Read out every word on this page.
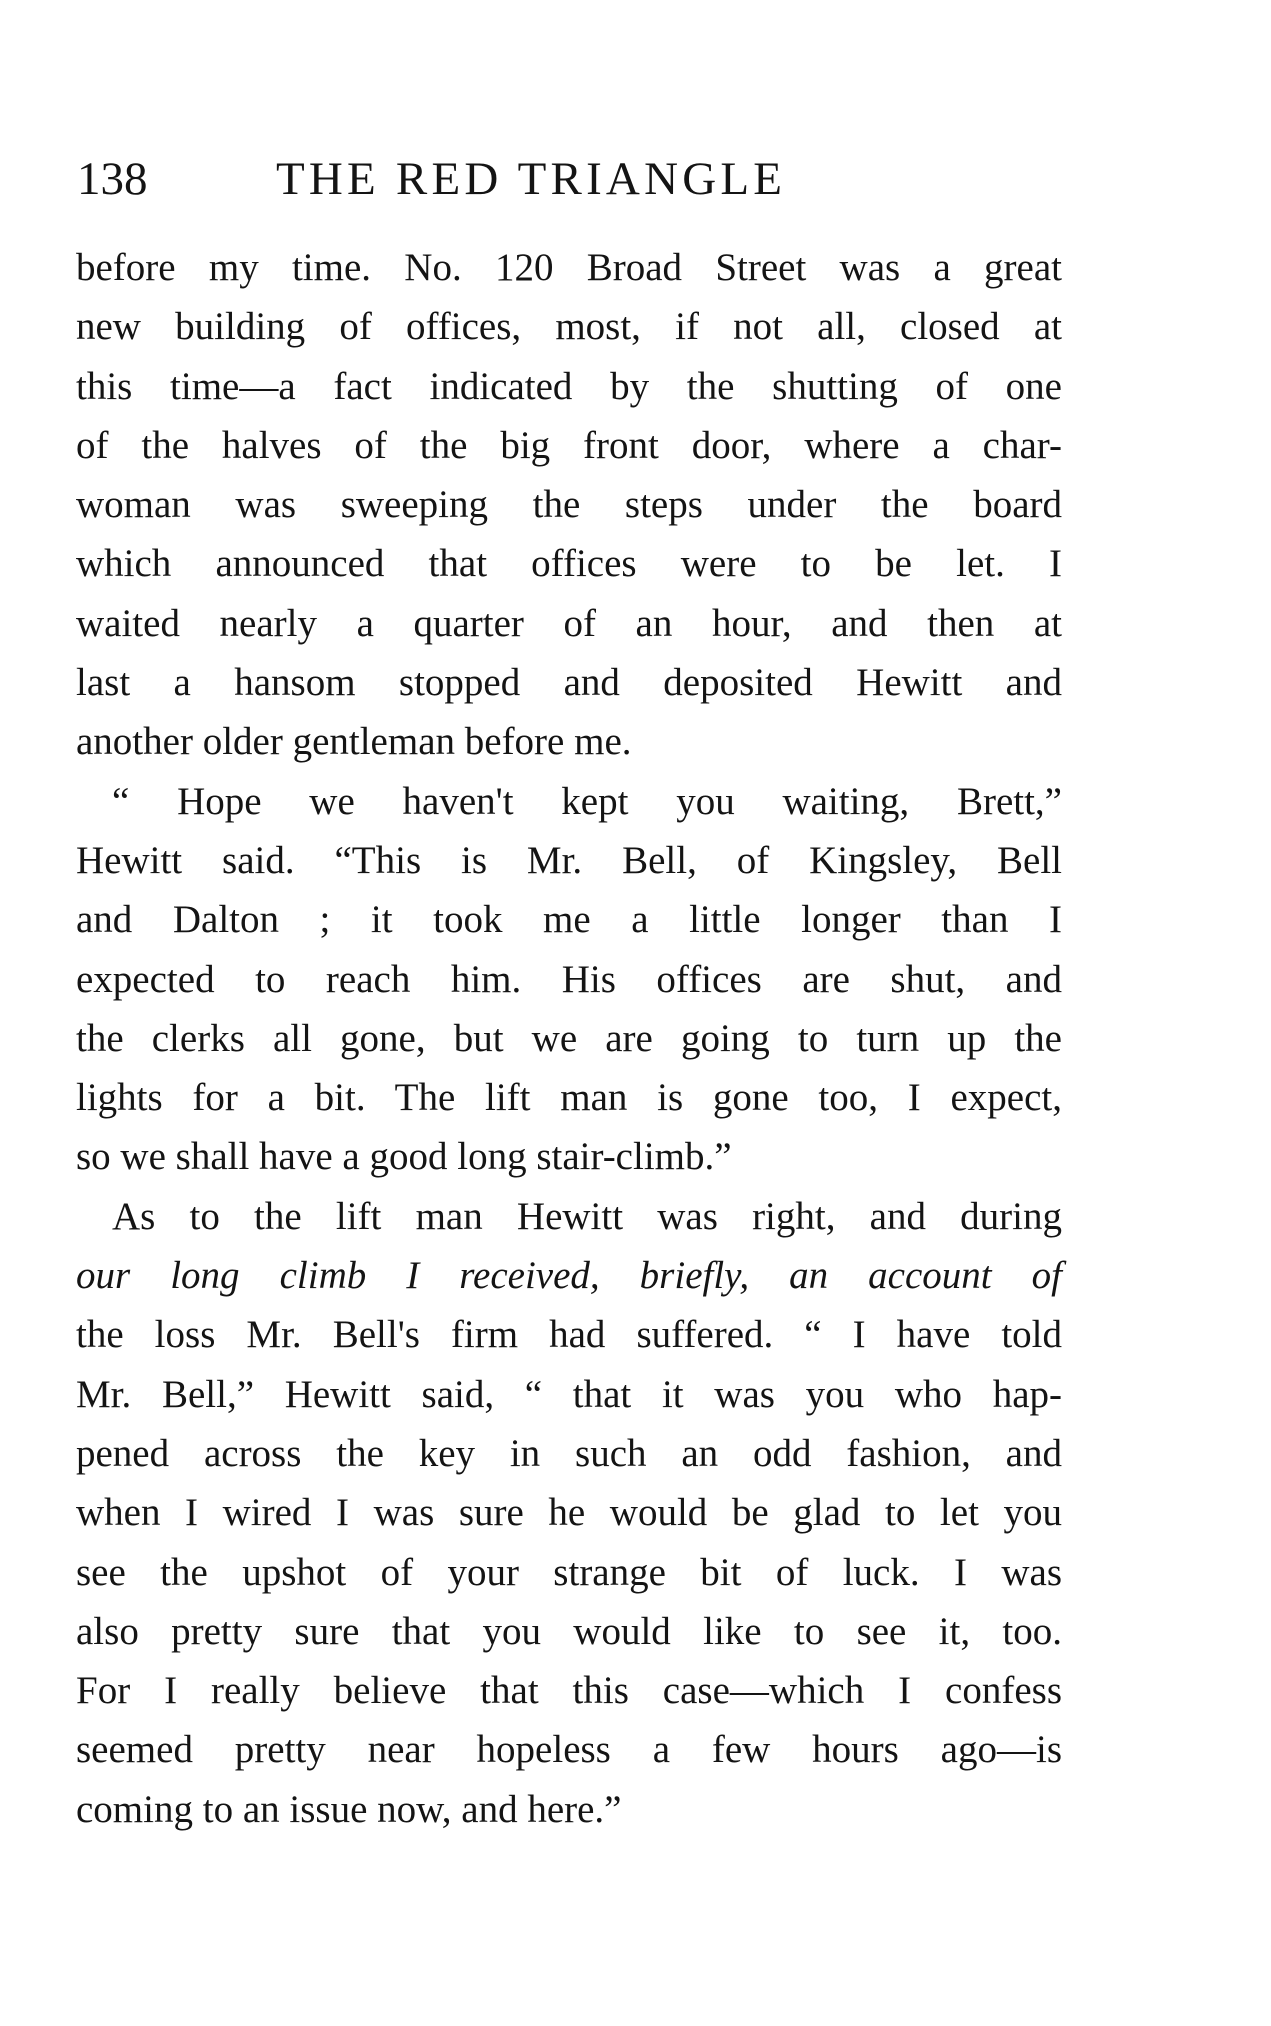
138	THE RED TRIANGLE
before my time. No. 120 Broad Street was a great
new building of offices, most, if not all, closed at
this time—a fact indicated by the shutting of one
of the halves of the big front door, where a char-
woman was sweeping the steps under the board
which announced that offices were to be let. I
waited nearly a quarter of an hour, and then at
last a hansom stopped and deposited Hewitt and
another older gentleman before me.
“ Hope we haven't kept you waiting, Brett,”
Hewitt said. “This is Mr. Bell, of Kingsley, Bell
and Dalton ; it took me a little longer than I
expected to reach him. His offices are shut, and
the clerks all gone, but we are going to turn up the
lights for a bit. The lift man is gone too, I expect,
so we shall have a good long stair-climb.”
As to the lift man Hewitt was right, and during
our long climb I received, briefly, an account of
the loss Mr. Bell's firm had suffered. “ I have told
Mr. Bell,” Hewitt said, “ that it was you who hap-
pened across the key in such an odd fashion, and
when I wired I was sure he would be glad to let you
see the upshot of your strange bit of luck. I was
also pretty sure that you would like to see it, too.
For I really believe that this case—which I confess
seemed pretty near hopeless a few hours ago—is
coming to an issue now, and here.”
